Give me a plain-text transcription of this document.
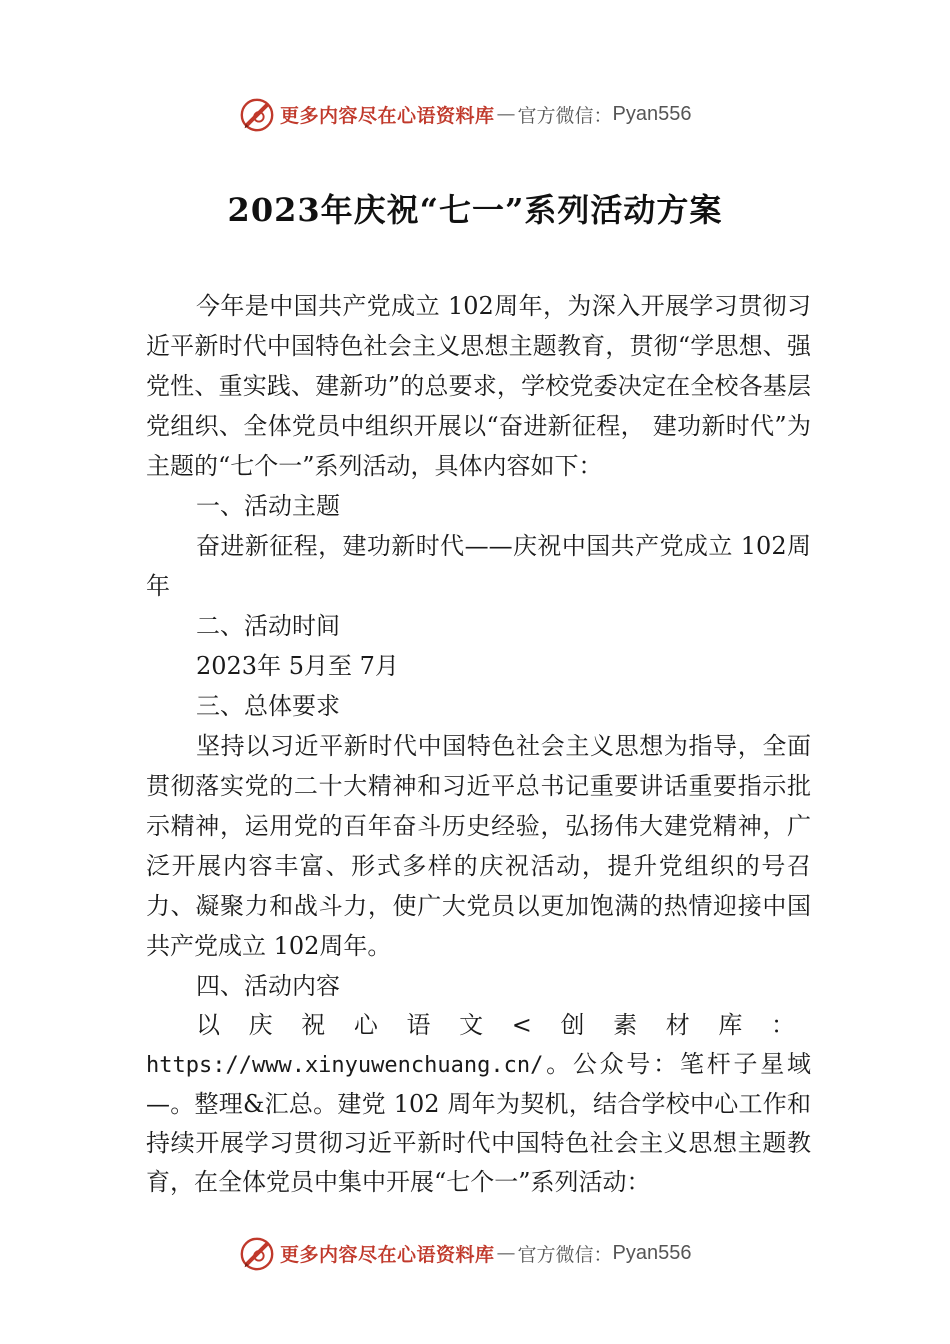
更多内容尽在心语资料库 — 官方微信： Pyan556
2023年庆祝“七一”系列活动方案

今年是中国共产党成立 102周年，为深入开展学习贯彻习近平新时代中国特色社会主义思想主题教育，贯彻“学思想、强党性、重实践、建新功”的总要求，学校党委决定在全校各基层党组织、全体党员中组织开展以“奋进新征程， 建功新时代”为主题的“七个一”系列活动，具体内容如下：

一、活动主题

奋进新征程，建功新时代——庆祝中国共产党成立 102周年

二、活动时间

2023年 5月至 7月

三、总体要求

坚持以习近平新时代中国特色社会主义思想为指导，全面贯彻落实党的二十大精神和习近平总书记重要讲话重要指示批示精神，运用党的百年奋斗历史经验，弘扬伟大建党精神，广泛开展内容丰富、形式多样的庆祝活动，提升党组织的号召力、凝聚力和战斗力，使广大党员以更加饱满的热情迎接中国共产党成立 102周年。

四、活动内容

以庆祝心语文<创素材库：https://www.xinyuwenchuang.cn/。公众号：笔杆子星域—。整理&汇总。建党 102 周年为契机，结合学校中心工作和持续开展学习贯彻习近平新时代中国特色社会主义思想主题教 育，在全体党员中集中开展“七个一”系列活动：

更多内容尽在心语资料库 — 官方微信： Pyan556
